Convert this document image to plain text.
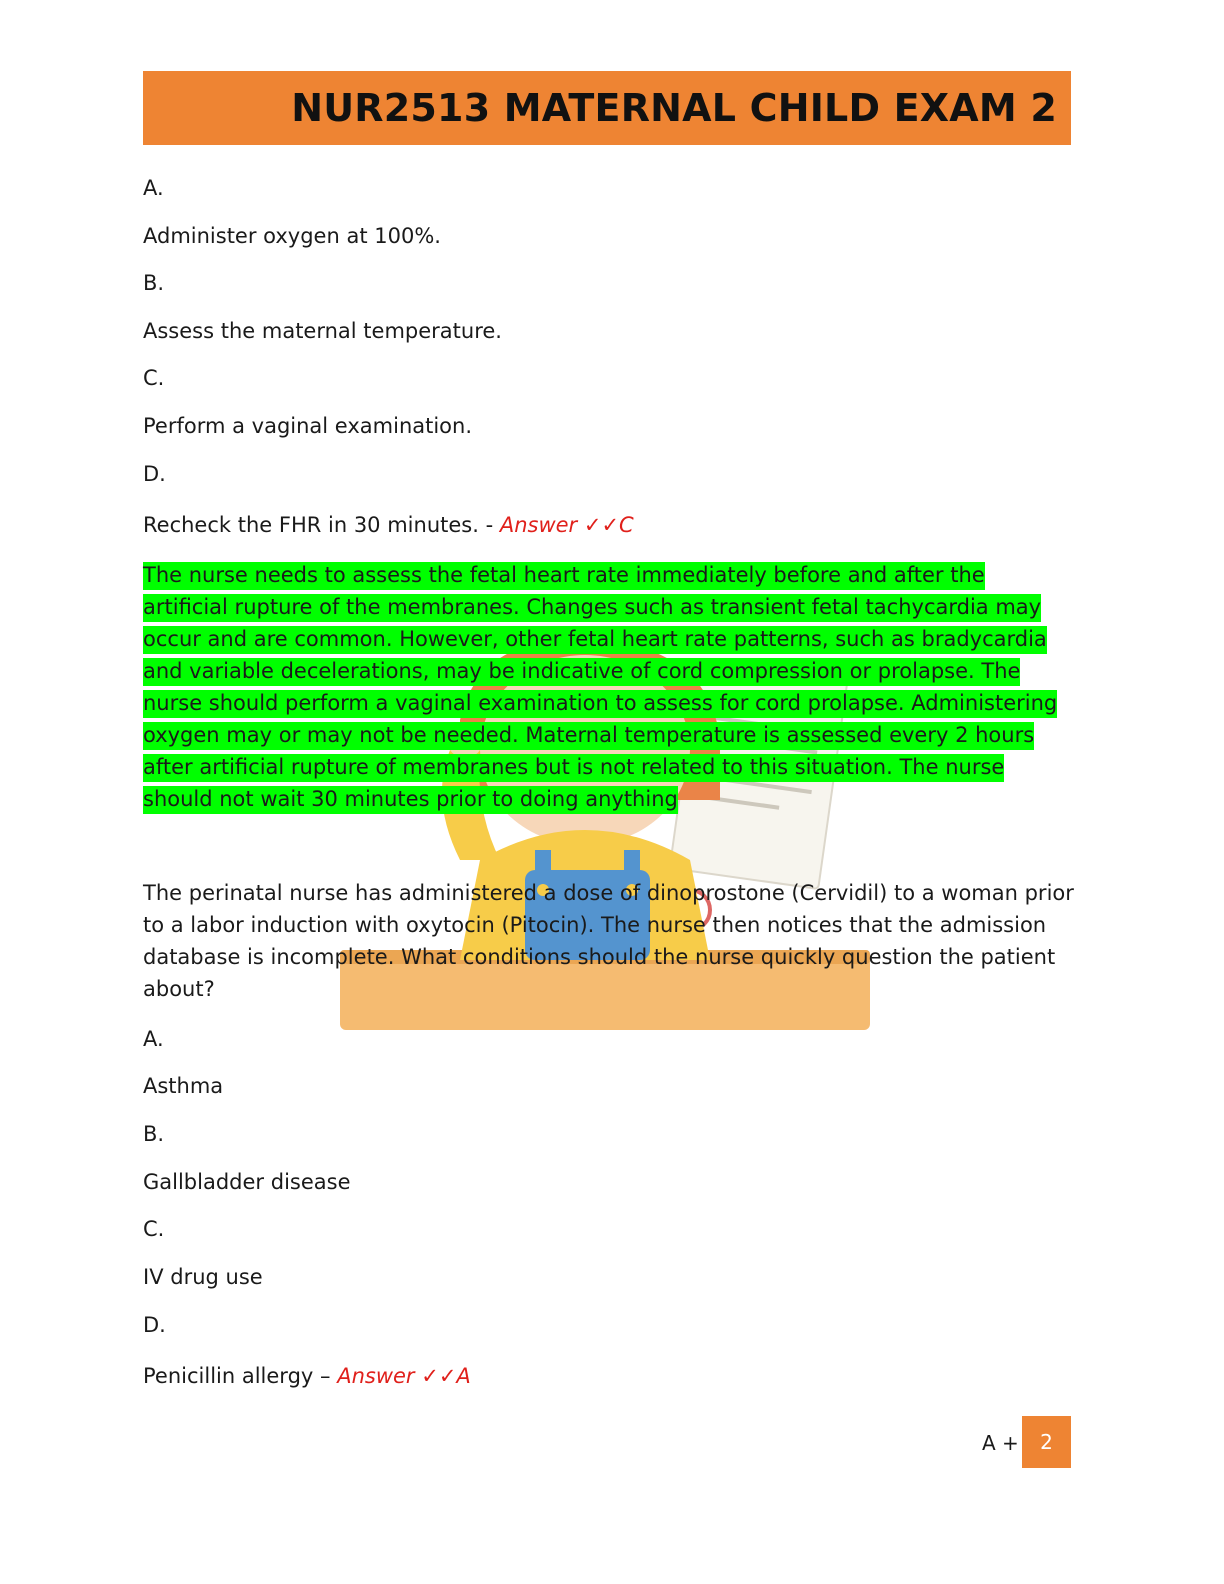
NUR2513 MATERNAL CHILD EXAM 2

A.

Administer oxygen at 100%.

B.

Assess the maternal temperature.

C.

Perform a vaginal examination.

D.

Recheck the FHR in 30 minutes. - Answer ✓✓C

The nurse needs to assess the fetal heart rate immediately before and after the artificial rupture of the membranes. Changes such as transient fetal tachycardia may occur and are common. However, other fetal heart rate patterns, such as bradycardia and variable decelerations, may be indicative of cord compression or prolapse. The nurse should perform a vaginal examination to assess for cord prolapse. Administering oxygen may or may not be needed. Maternal temperature is assessed every 2 hours after artificial rupture of membranes but is not related to this situation. The nurse should not wait 30 minutes prior to doing anything

The perinatal nurse has administered a dose of dinoprostone (Cervidil) to a woman prior to a labor induction with oxytocin (Pitocin). The nurse then notices that the admission database is incomplete. What conditions should the nurse quickly question the patient about?

A.

Asthma

B.

Gallbladder disease

C.

IV drug use

D.

Penicillin allergy – Answer ✓✓A

A +	2
